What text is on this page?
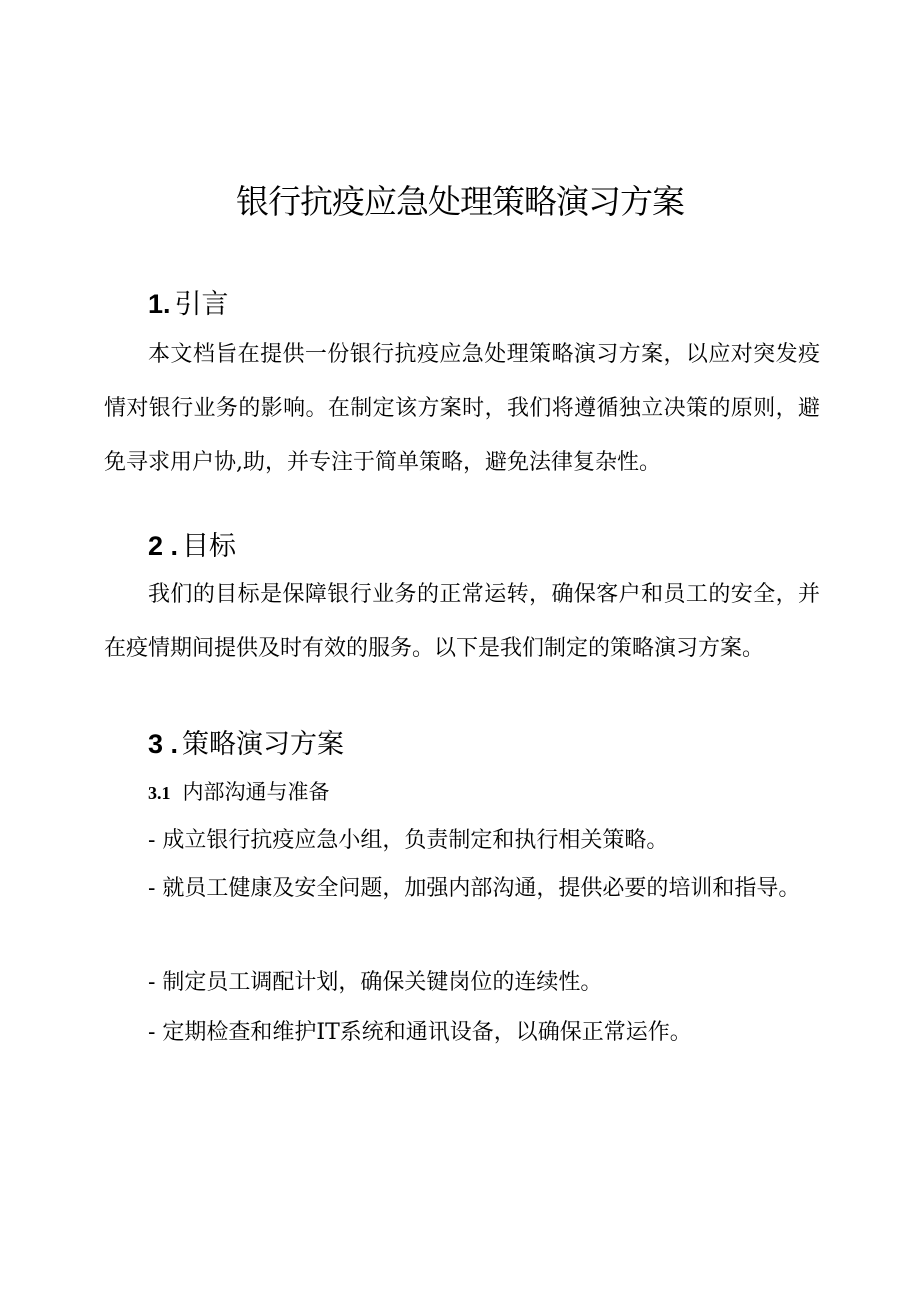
银行抗疫应急处理策略演习方案
1. 引言

本文档旨在提供一份银行抗疫应急处理策略演习方案，以应对突发疫情对银行业务的影响。在制定该方案时，我们将遵循独立决策的原则，避免寻求用户协,助，并专注于简单策略，避免法律复杂性。

2 . 目标

我们的目标是保障银行业务的正常运转，确保客户和员工的安全，并在疫情期间提供及时有效的服务。以下是我们制定的策略演习方案。

3 . 策略演习方案
3.1 内部沟通与准备

- 成立银行抗疫应急小组，负责制定和执行相关策略。

- 就员工健康及安全问题，加强内部沟通，提供必要的培训和指导。

- 制定员工调配计划，确保关键岗位的连续性。

- 定期检查和维护IT系统和通讯设备，以确保正常运作。
